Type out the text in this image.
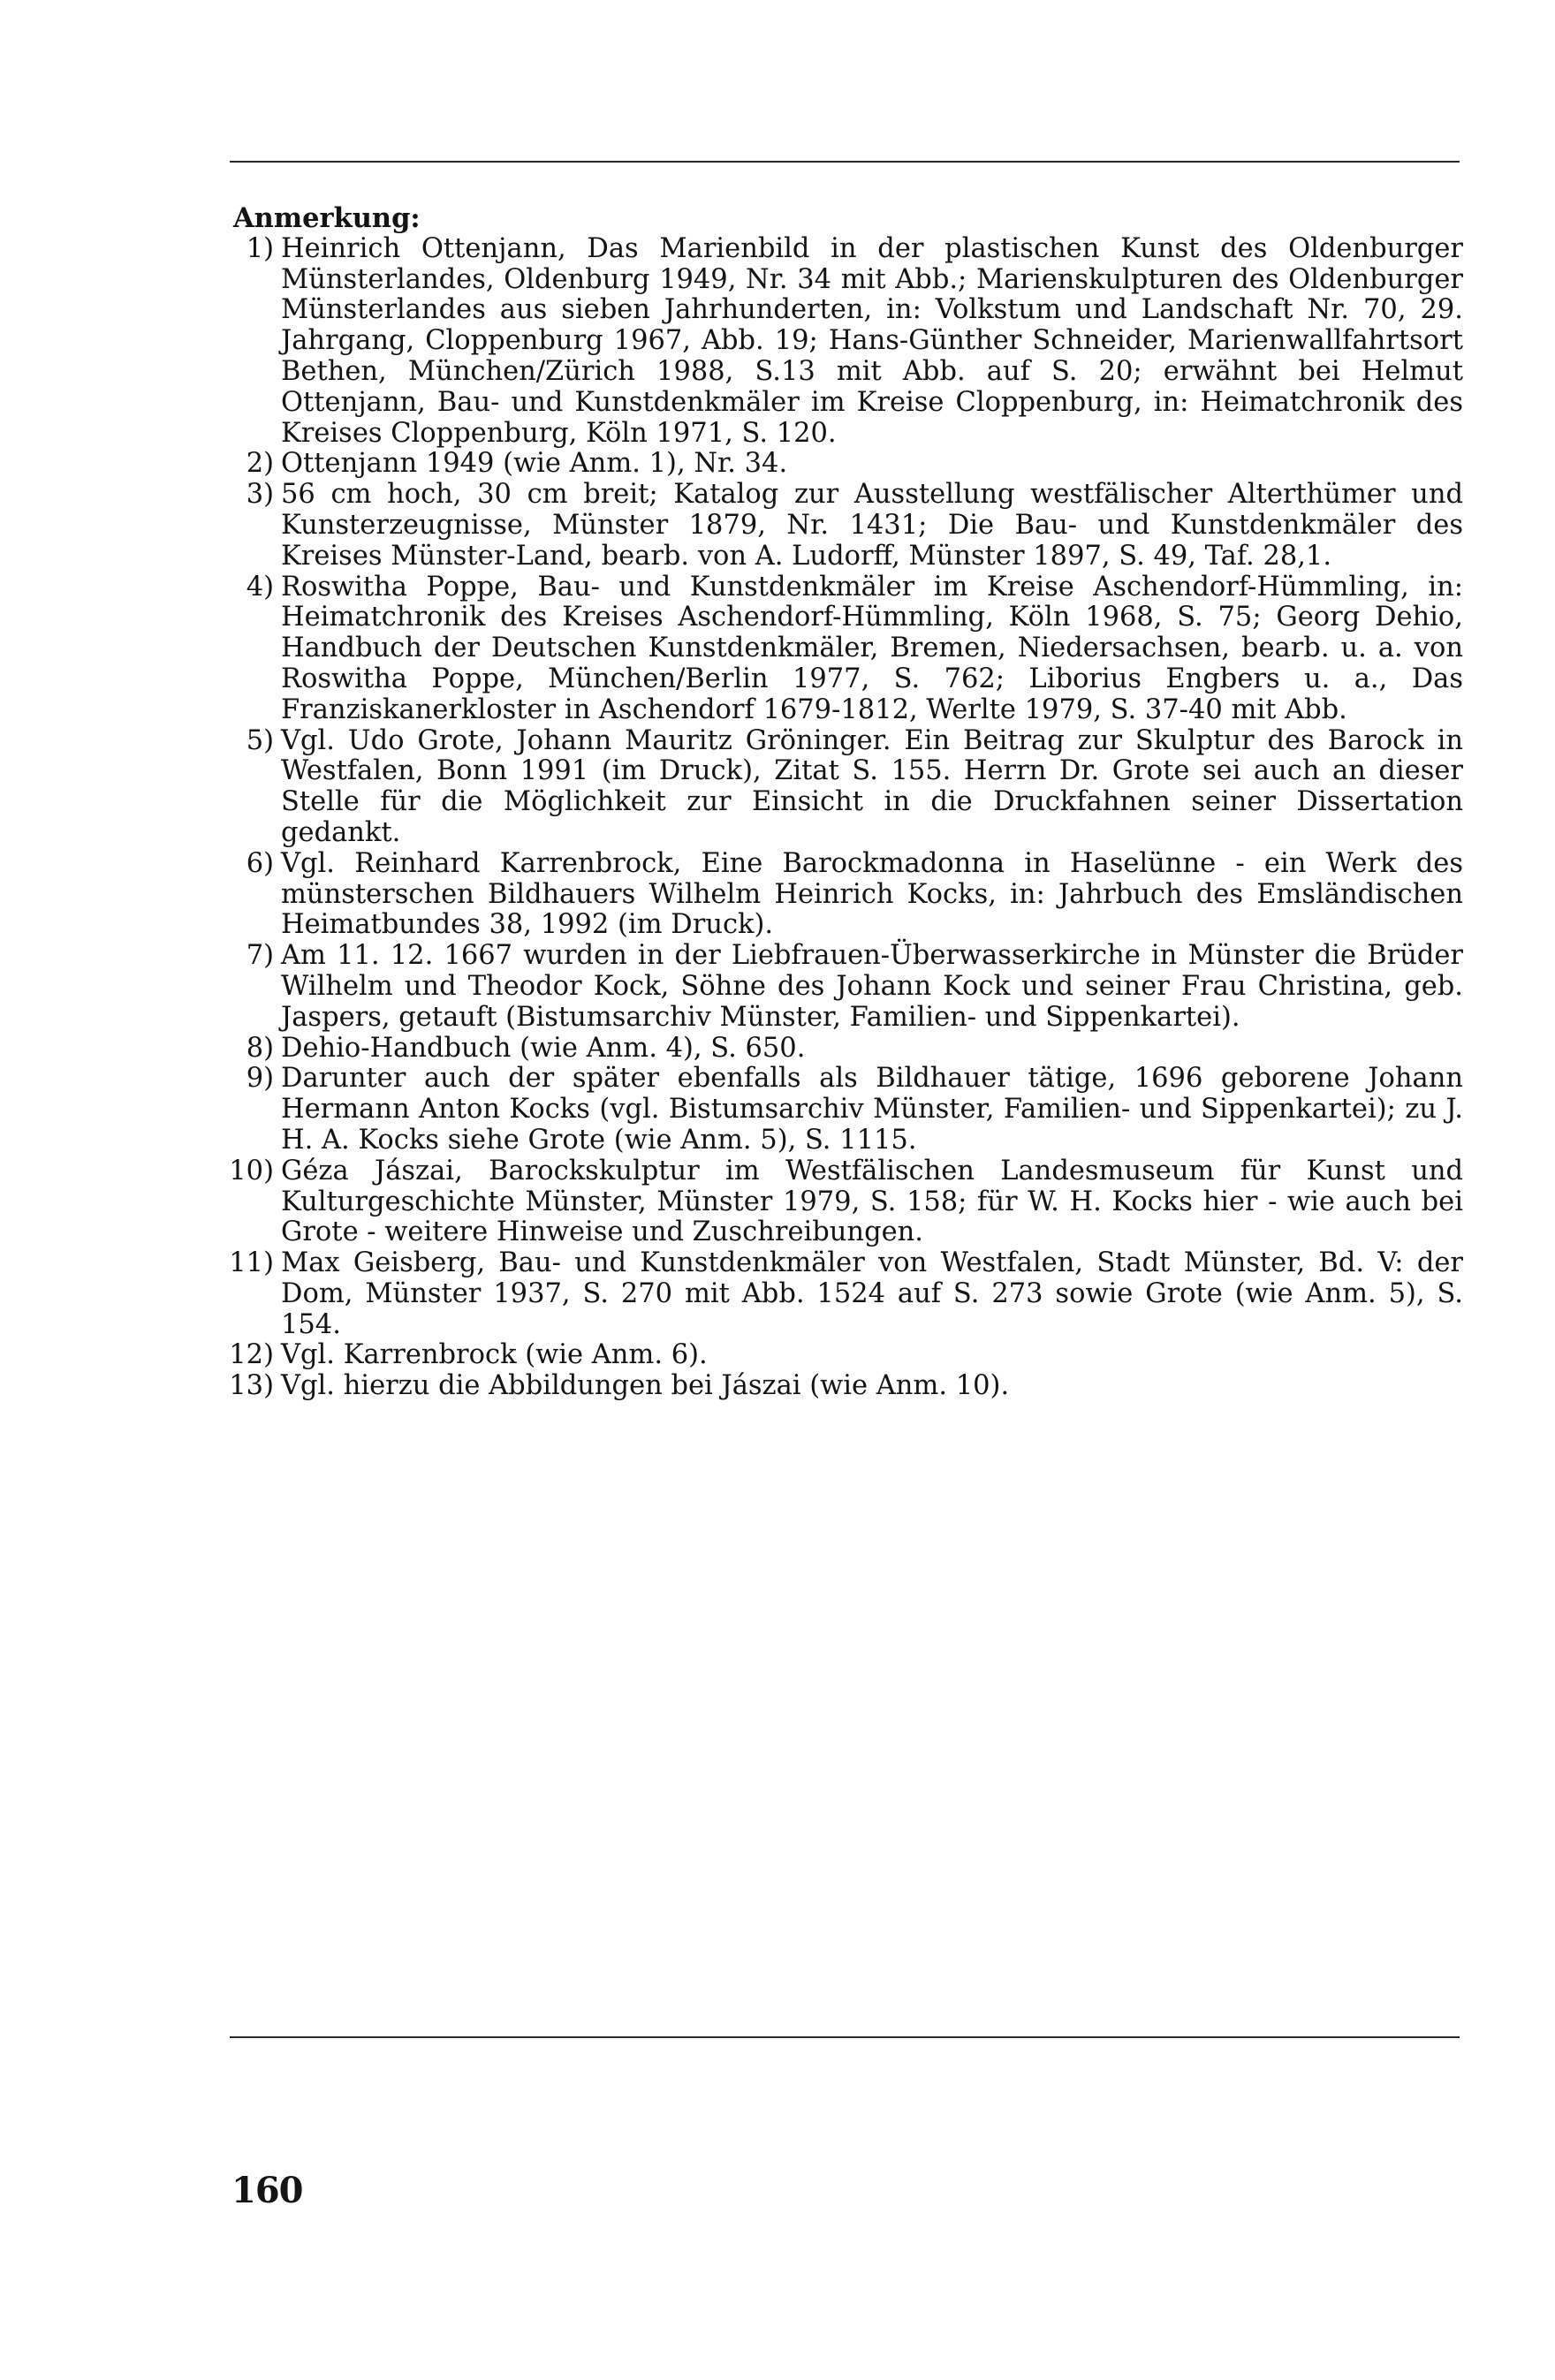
Anmerkung:
1) Heinrich Ottenjann, Das Marienbild in der plastischen Kunst des Oldenburger Münsterlandes, Oldenburg 1949, Nr. 34 mit Abb.; Marienskulpturen des Oldenburger Münsterlandes aus sieben Jahrhunderten, in: Volkstum und Landschaft Nr. 70, 29. Jahrgang, Cloppenburg 1967, Abb. 19; Hans-Günther Schneider, Marienwallfahrtsort Bethen, München/Zürich 1988, S.13 mit Abb. auf S. 20; erwähnt bei Helmut Ottenjann, Bau- und Kunstdenkmäler im Kreise Cloppenburg, in: Heimatchronik des Kreises Cloppenburg, Köln 1971, S. 120.
2) Ottenjann 1949 (wie Anm. 1), Nr. 34.
3) 56 cm hoch, 30 cm breit; Katalog zur Ausstellung westfälischer Alterthümer und Kunsterzeugnisse, Münster 1879, Nr. 1431; Die Bau- und Kunstdenkmäler des Kreises Münster-Land, bearb. von A. Ludorff, Münster 1897, S. 49, Taf. 28,1.
4) Roswitha Poppe, Bau- und Kunstdenkmäler im Kreise Aschendorf-Hümmling, in: Heimatchronik des Kreises Aschendorf-Hümmling, Köln 1968, S. 75; Georg Dehio, Handbuch der Deutschen Kunstdenkmäler, Bremen, Niedersachsen, bearb. u. a. von Roswitha Poppe, München/Berlin 1977, S. 762; Liborius Engbers u. a., Das Franziskanerkloster in Aschendorf 1679-1812, Werlte 1979, S. 37-40 mit Abb.
5) Vgl. Udo Grote, Johann Mauritz Gröninger. Ein Beitrag zur Skulptur des Barock in Westfalen, Bonn 1991 (im Druck), Zitat S. 155. Herrn Dr. Grote sei auch an dieser Stelle für die Möglichkeit zur Einsicht in die Druckfahnen seiner Dissertation gedankt.
6) Vgl. Reinhard Karrenbrock, Eine Barockmadonna in Haselünne - ein Werk des münsterschen Bildhauers Wilhelm Heinrich Kocks, in: Jahrbuch des Emsländischen Heimatbundes 38, 1992 (im Druck).
7) Am 11. 12. 1667 wurden in der Liebfrauen-Überwasserkirche in Münster die Brüder Wilhelm und Theodor Kock, Söhne des Johann Kock und seiner Frau Christina, geb. Jaspers, getauft (Bistumsarchiv Münster, Familien- und Sippenkartei).
8) Dehio-Handbuch (wie Anm. 4), S. 650.
9) Darunter auch der später ebenfalls als Bildhauer tätige, 1696 geborene Johann Hermann Anton Kocks (vgl. Bistumsarchiv Münster, Familien- und Sippenkartei); zu J. H. A. Kocks siehe Grote (wie Anm. 5), S. 1115.
10) Géza Jászai, Barockskulptur im Westfälischen Landesmuseum für Kunst und Kulturgeschichte Münster, Münster 1979, S. 158; für W. H. Kocks hier - wie auch bei Grote - weitere Hinweise und Zuschreibungen.
11) Max Geisberg, Bau- und Kunstdenkmäler von Westfalen, Stadt Münster, Bd. V: der Dom, Münster 1937, S. 270 mit Abb. 1524 auf S. 273 sowie Grote (wie Anm. 5), S. 154.
12) Vgl. Karrenbrock (wie Anm. 6).
13) Vgl. hierzu die Abbildungen bei Jászai (wie Anm. 10).
160
